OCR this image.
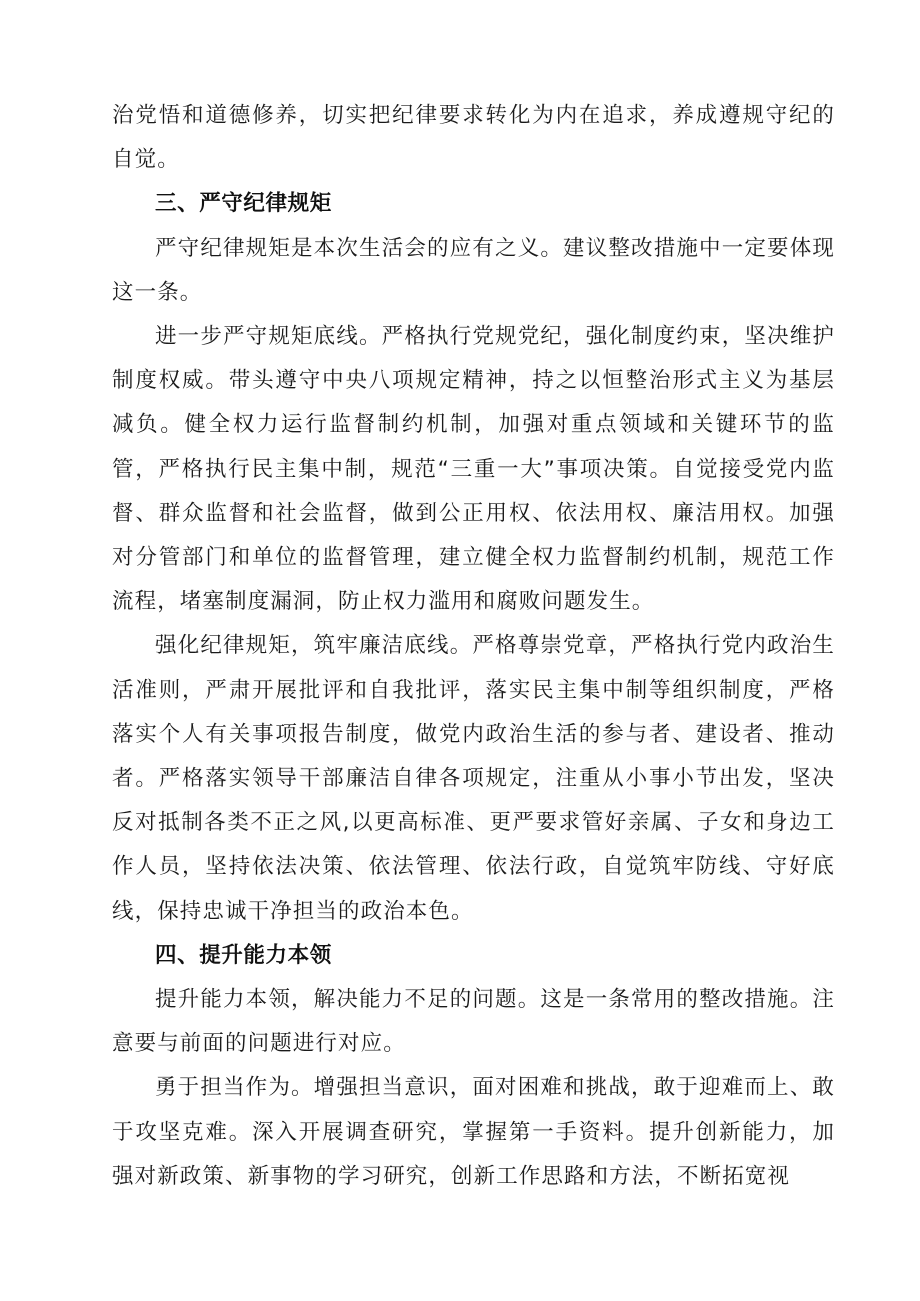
治党悟和道德修养，切实把纪律要求转化为内在追求，养成遵规守纪的自觉。

三、严守纪律规矩

严守纪律规矩是本次生活会的应有之义。建议整改措施中一定要体现这一条。

进一步严守规矩底线。严格执行党规党纪，强化制度约束，坚决维护制度权威。带头遵守中央八项规定精神，持之以恒整治形式主义为基层减负。健全权力运行监督制约机制，加强对重点领域和关键环节的监管，严格执行民主集中制，规范“三重一大”事项决策。自觉接受党内监督、群众监督和社会监督，做到公正用权、依法用权、廉洁用权。加强对分管部门和单位的监督管理，建立健全权力监督制约机制，规范工作流程，堵塞制度漏洞，防止权力滥用和腐败问题发生。

强化纪律规矩，筑牢廉洁底线。严格尊崇党章，严格执行党内政治生活准则，严肃开展批评和自我批评，落实民主集中制等组织制度，严格落实个人有关事项报告制度，做党内政治生活的参与者、建设者、推动者。严格落实领导干部廉洁自律各项规定，注重从小事小节出发，坚决反对抵制各类不正之风,以更高标准、更严要求管好亲属、子女和身边工作人员，坚持依法决策、依法管理、依法行政，自觉筑牢防线、守好底线，保持忠诚干净担当的政治本色。

四、提升能力本领

提升能力本领，解决能力不足的问题。这是一条常用的整改措施。注意要与前面的问题进行对应。

勇于担当作为。增强担当意识，面对困难和挑战，敢于迎难而上、敢于攻坚克难。深入开展调查研究，掌握第一手资料。提升创新能力，加强对新政策、新事物的学习研究，创新工作思路和方法，不断拓宽视
